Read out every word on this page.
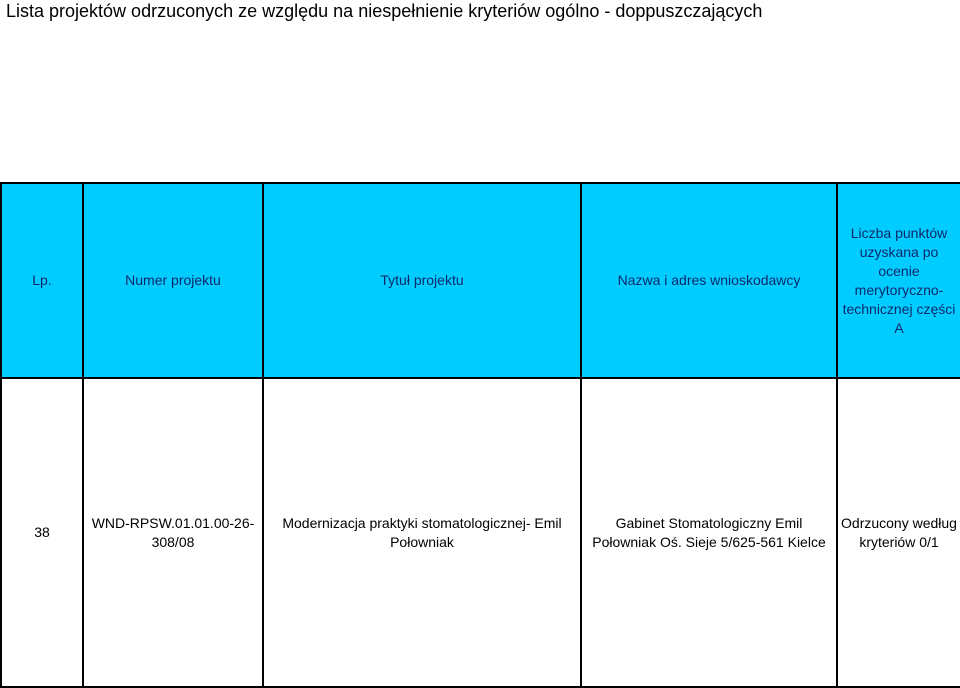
Lista projektów odrzuconych ze względu na niespełnienie kryteriów ogólno - doppuszczających
Lp.	Numer projektu	Tytuł projektu	Nazwa i adres wnioskodawcy	Liczba punktów uzyskana po ocenie merytoryczno-technicznej części A
38	WND-RPSW.01.01.00-26-308/08	Modernizacja praktyki stomatologicznej- Emil Połowniak	Gabinet Stomatologiczny Emil Połowniak Oś. Sieje 5/625-561 Kielce	Odrzucony według kryteriów 0/1
